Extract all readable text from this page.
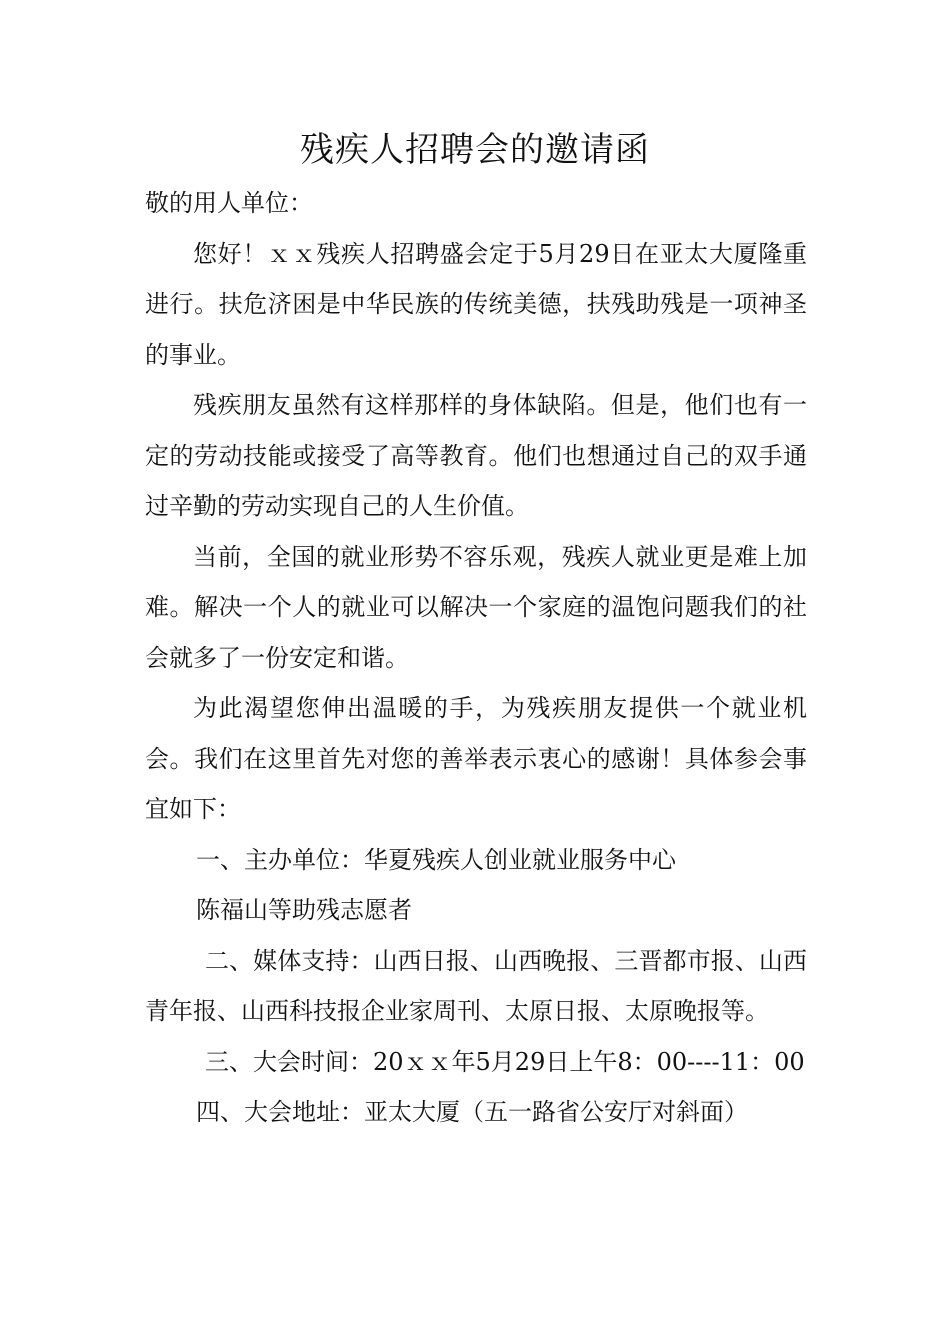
残疾人招聘会的邀请函

敬的用人单位：

您好！ｘｘ残疾人招聘盛会定于5月29日在亚太大厦隆重进行。扶危济困是中华民族的传统美德，扶残助残是一项神圣的事业。

残疾朋友虽然有这样那样的身体缺陷。但是，他们也有一定的劳动技能或接受了高等教育。他们也想通过自己的双手通过辛勤的劳动实现自己的人生价值。

当前，全国的就业形势不容乐观，残疾人就业更是难上加难。解决一个人的就业可以解决一个家庭的温饱问题我们的社会就多了一份安定和谐。

为此渴望您伸出温暖的手，为残疾朋友提供一个就业机会。我们在这里首先对您的善举表示衷心的感谢！具体参会事宜如下：

一、主办单位：华夏残疾人创业就业服务中心

陈福山等助残志愿者

二、媒体支持：山西日报、山西晚报、三晋都市报、山西青年报、山西科技报企业家周刊、太原日报、太原晚报等。

三、大会时间：20ｘｘ年5月29日上午8：00----11：00

四、大会地址：亚太大厦（五一路省公安厅对斜面）
